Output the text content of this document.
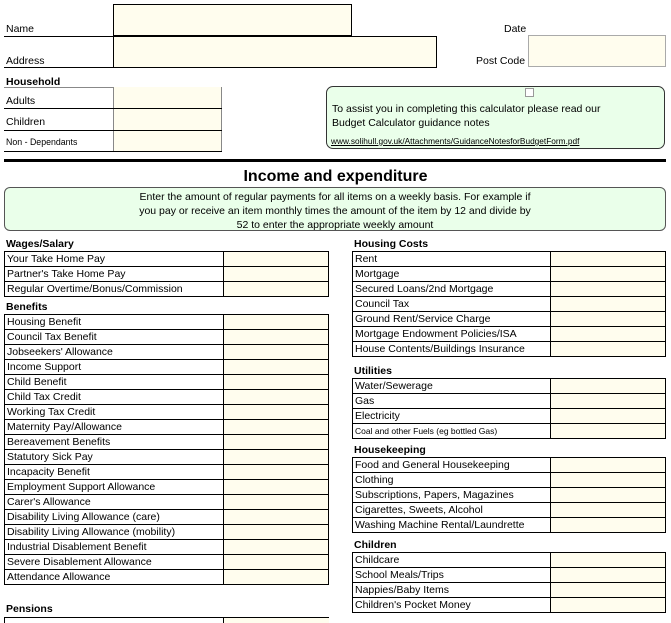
Name
Address
Date
Post Code
Household
Adults
Children
Non - Dependants
To assist you in completing this calculator please read our
Budget Calculator guidance notes
www.solihull.gov.uk/Attachments/GuidanceNotesforBudgetForm.pdf
Income and expenditure
Enter the amount of regular payments for all items on a weekly basis. For example if
you pay or receive an item monthly times the amount of the item by 12 and divide by
52 to enter the appropriate weekly amount
Wages/Salary
Your Take Home Pay	
Partner's Take Home Pay	
Regular Overtime/Bonus/Commission	
Benefits
Housing Benefit	
Council Tax Benefit	
Jobseekers' Allowance	
Income Support	
Child Benefit	
Child Tax Credit	
Working Tax Credit	
Maternity Pay/Allowance	
Bereavement Benefits	
Statutory Sick Pay	
Incapacity Benefit	
Employment Support Allowance	
Carer's Allowance	
Disability Living Allowance (care)	
Disability Living Allowance (mobility)	
Industrial Disablement Benefit	
Severe Disablement Allowance	
Attendance Allowance	
Pensions
Housing Costs
Rent	
Mortgage	
Secured Loans/2nd Mortgage	
Council Tax	
Ground Rent/Service Charge	
Mortgage Endowment Policies/ISA	
House Contents/Buildings Insurance	
Utilities
Water/Sewerage	
Gas	
Electricity	
Coal and other Fuels (eg bottled Gas)	
Housekeeping
Food and General Housekeeping	
Clothing	
Subscriptions, Papers, Magazines	
Cigarettes, Sweets, Alcohol	
Washing Machine Rental/Laundrette	
Children
Childcare	
School Meals/Trips	
Nappies/Baby Items	
Children's Pocket Money	
